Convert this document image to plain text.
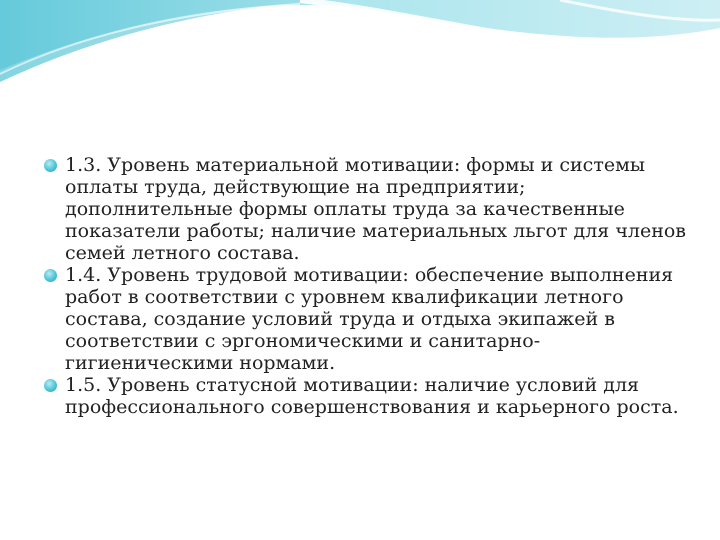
1.3. Уровень материальной мотивации: формы и системы оплаты труда, действующие на предприятии; дополнительные формы оплаты труда за качественные показатели работы; наличие материальных льгот для членов семей летного состава.
1.4. Уровень трудовой мотивации: обеспечение выполнения работ в соответствии с уровнем квалификации летного состава, создание условий труда и отдыха экипажей в соответствии с эргономическими и санитарно-гигиеническими нормами.
1.5. Уровень статусной мотивации: наличие условий для профессионального совершенствования и карьерного роста.
